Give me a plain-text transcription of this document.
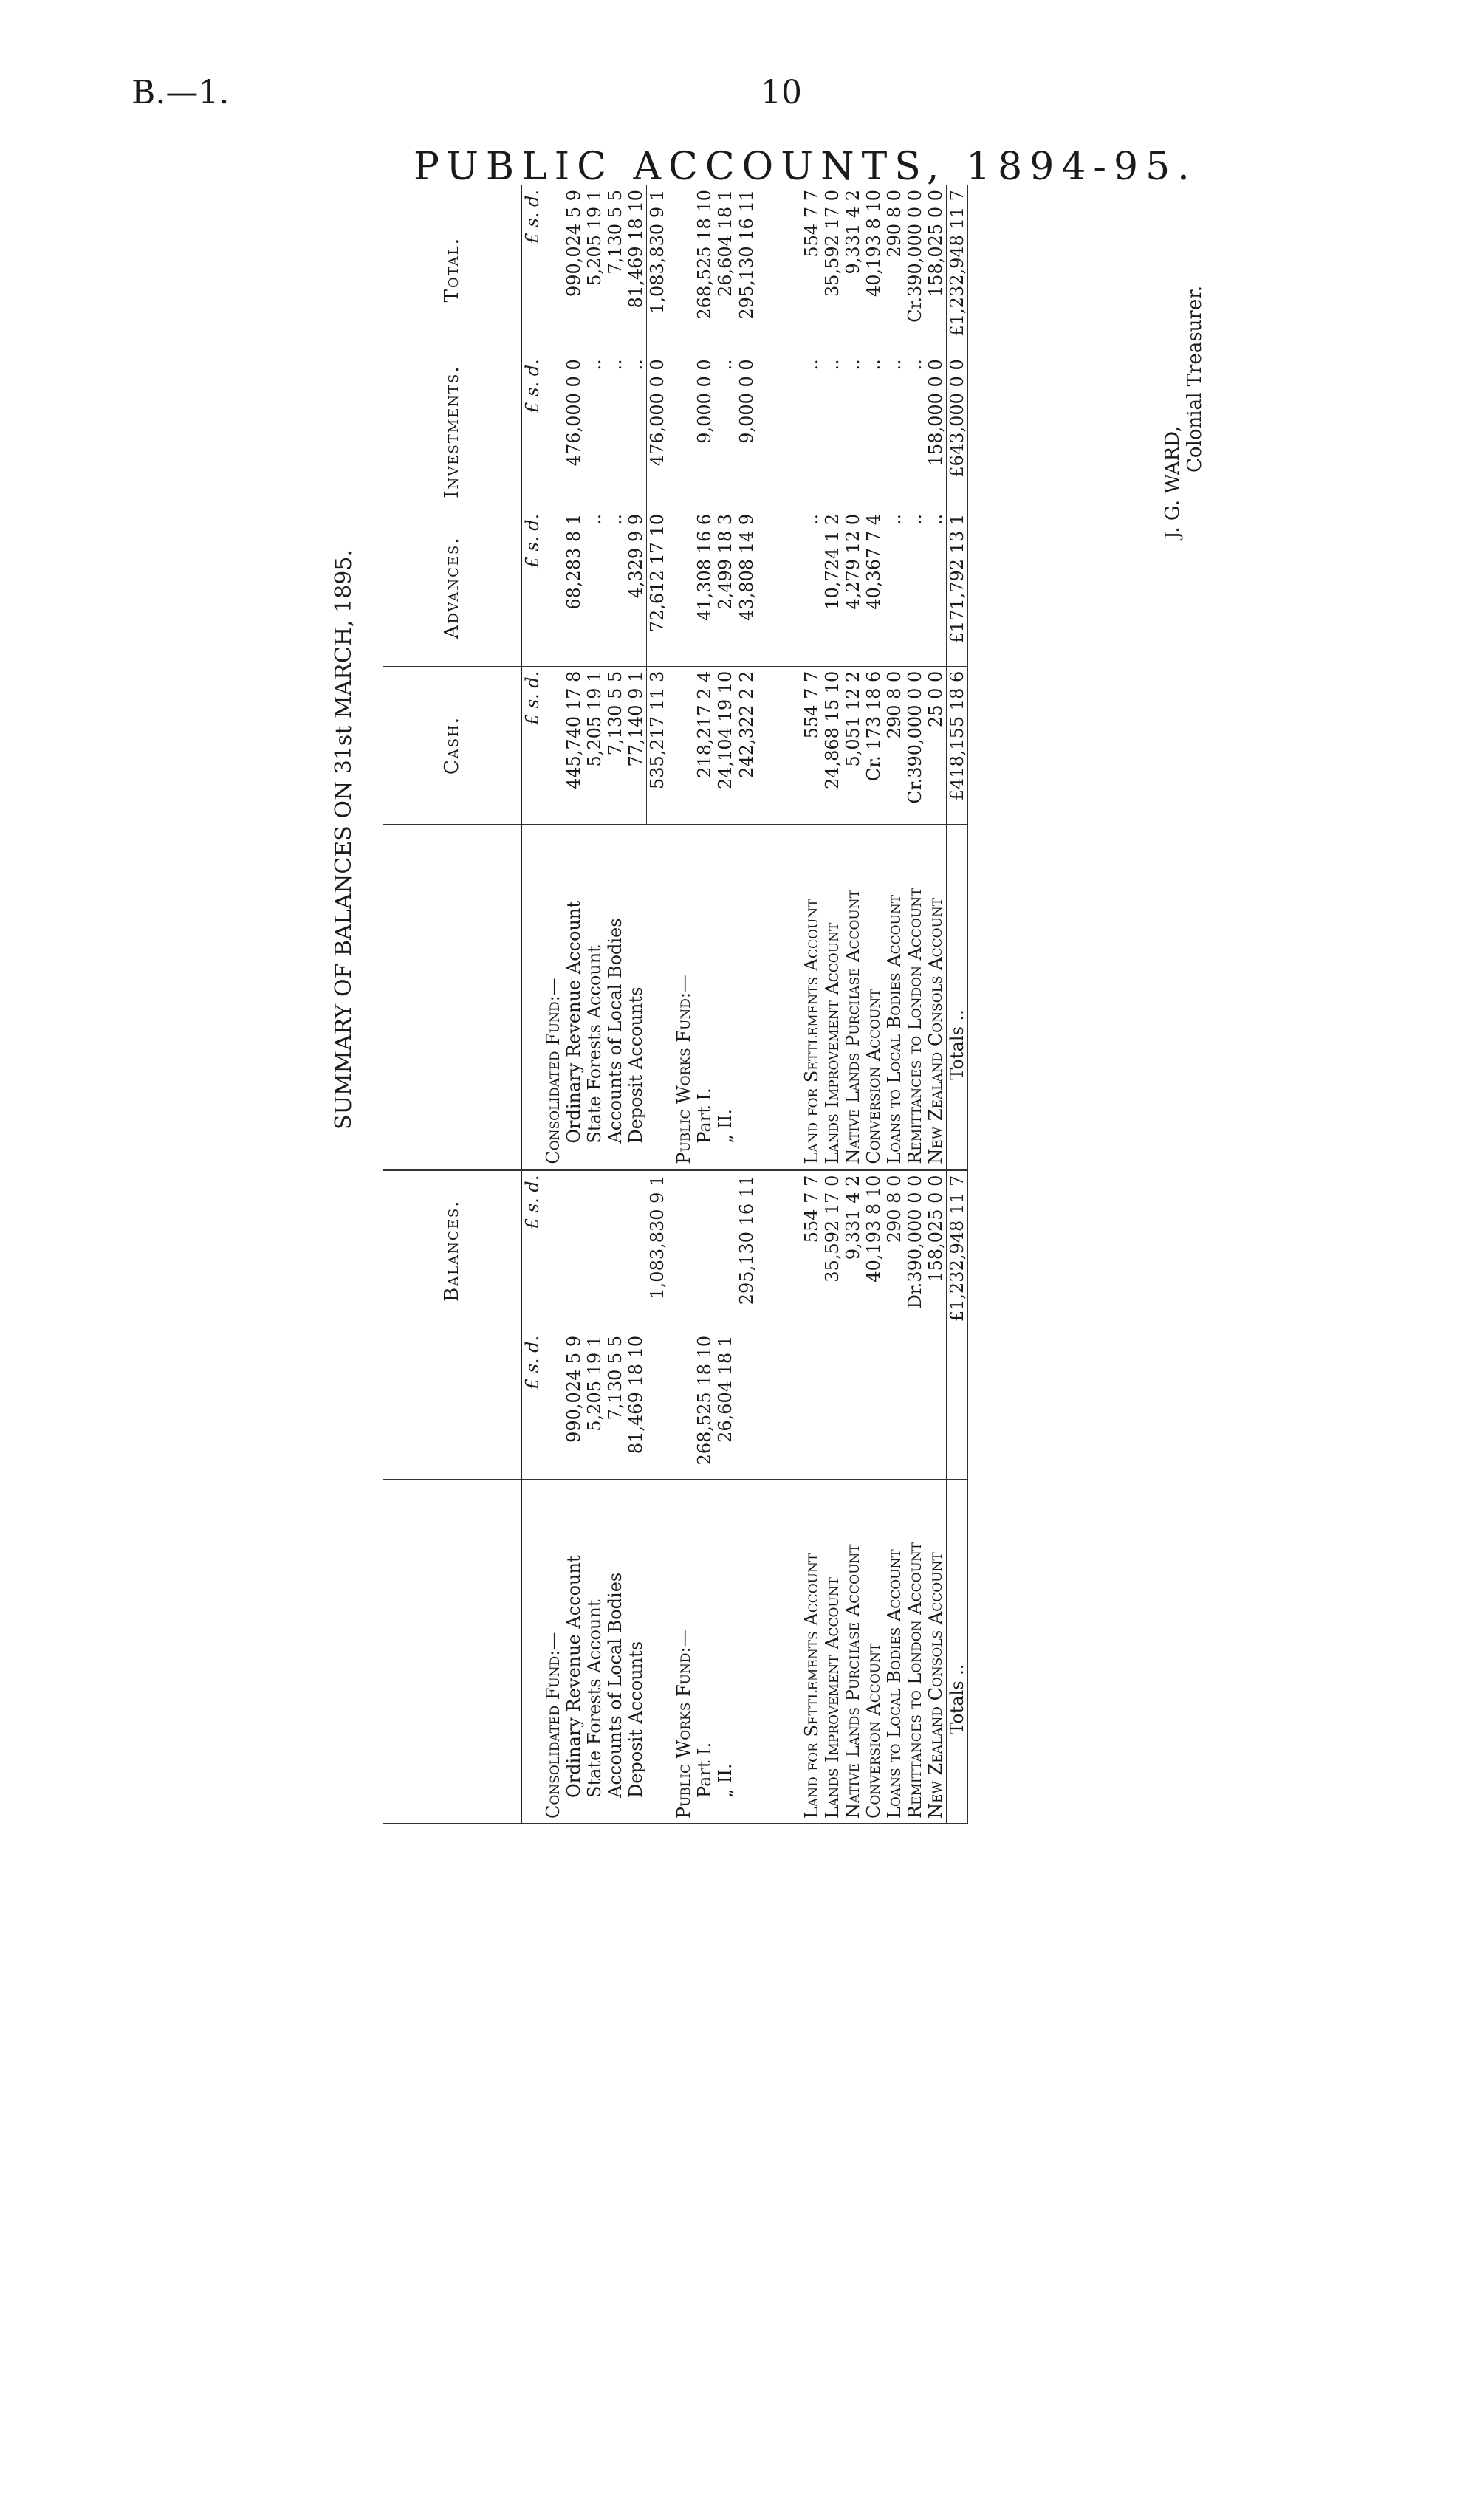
B.—1.	10
PUBLIC ACCOUNTS, 1894-95.
SUMMARY OF BALANCES ON 31st MARCH, 1895.
		Balances.		Cash.	Advances.	Investments.	Total.
	£ s. d.	£ s. d.		£ s. d.	£ s. d.	£ s. d.	£ s. d.
Consolidated Fund:—			Consolidated Fund:—				
Ordinary Revenue Account	990,024 5 9		Ordinary Revenue Account	445,740 17 8	68,283 8 1	476,000 0 0	990,024 5 9
State Forests Account	5,205 19 1		State Forests Account	5,205 19 1	..	..	5,205 19 1
Accounts of Local Bodies	7,130 5 5		Accounts of Local Bodies	7,130 5 5	..	..	7,130 5 5
Deposit Accounts	81,469 18 10		Deposit Accounts	77,140 9 1	4,329 9 9	..	81,469 18 10
		1,083,830 9 1		535,217 11 3	72,612 17 10	476,000 0 0	1,083,830 9 1
Public Works Fund:—			Public Works Fund:—				
Part I.	268,525 18 10		Part I.	218,217 2 4	41,308 16 6	9,000 0 0	268,525 18 10
„ II.	26,604 18 1		„ II.	24,104 19 10	2,499 18 3	..	26,604 18 1
		295,130 16 11		242,322 2 2	43,808 14 9	9,000 0 0	295,130 16 11

Land for Settlements Account		554 7 7	Land for Settlements Account	554 7 7	..	..	554 7 7
Lands Improvement Account		35,592 17 0	Lands Improvement Account	24,868 15 10	10,724 1 2	..	35,592 17 0
Native Lands Purchase Account		9,331 4 2	Native Lands Purchase Account	5,051 12 2	4,279 12 0	..	9,331 4 2
Conversion Account		40,193 8 10	Conversion Account	Cr. 173 18 6	40,367 7 4	..	40,193 8 10
Loans to Local Bodies Account		290 8 0	Loans to Local Bodies Account	290 8 0	..	..	290 8 0
Remittances to London Account		Dr.390,000 0 0	Remittances to London Account	Cr.390,000 0 0	..	..	Cr.390,000 0 0
New Zealand Consols Account		158,025 0 0	New Zealand Consols Account	25 0 0	..	158,000 0 0	158,025 0 0
Totals ..		£1,232,948 11 7	Totals ..	£418,155 18 6	£171,792 13 1	£643,000 0 0	£1,232,948 11 7
J. G. WARD,
Colonial Treasurer.
